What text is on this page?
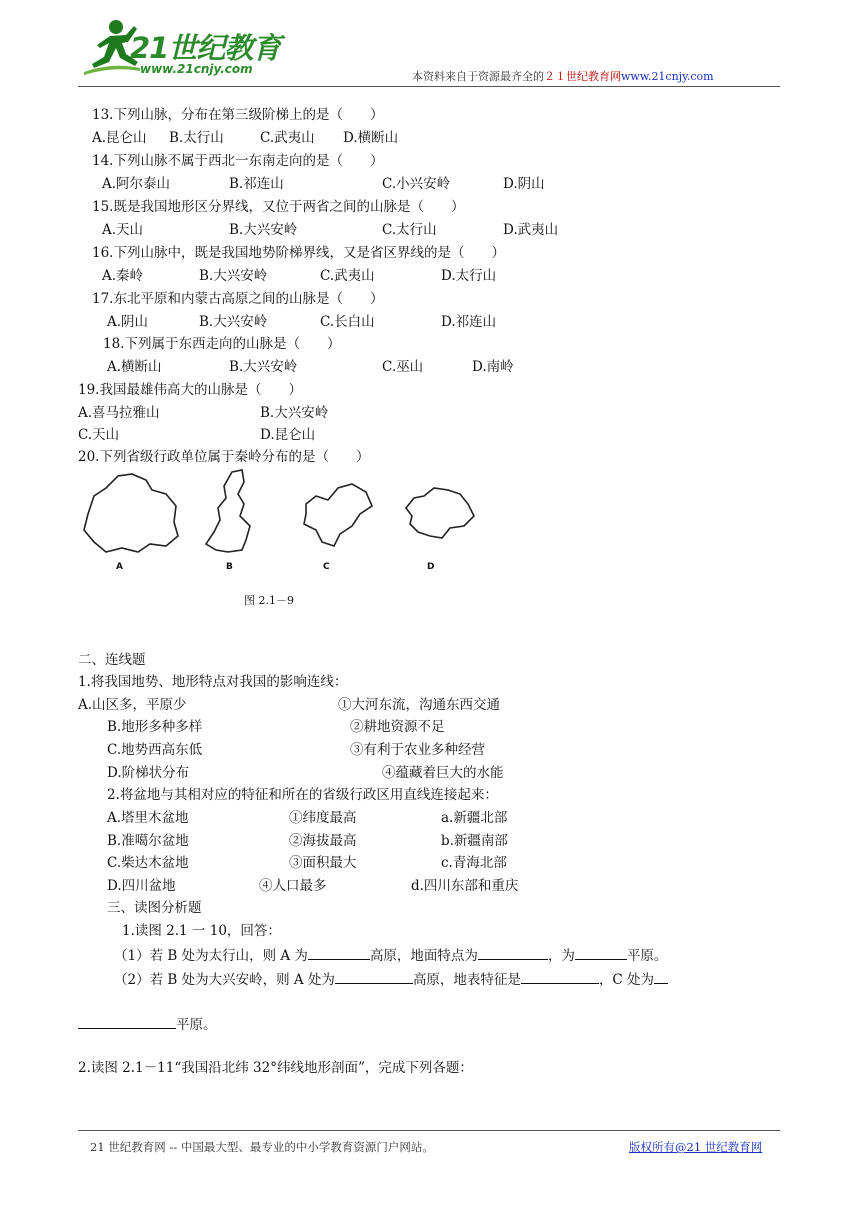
21世纪教育
www.21cnjy.com
本资料来自于资源最齐全的２１世纪教育网www.21cnjy.com
13.下列山脉，分布在第三级阶梯上的是（　　）
A.昆仑山 B.太行山	C.武夷山 D.横断山
14.下列山脉不属于西北一东南走向的是（　　）
A.阿尔泰山	B.祁连山	C.小兴安岭	D.阴山
15.既是我国地形区分界线，又位于两省之间的山脉是（　　）
A.天山	B.大兴安岭	C.太行山	D.武夷山
16.下列山脉中，既是我国地势阶梯界线，又是省区界线的是（　　）
A.秦岭	B.大兴安岭	C.武夷山	D.太行山
17.东北平原和内蒙古高原之间的山脉是（　　）
A.阴山	B.大兴安岭	C.长白山	D.祁连山
18.下列属于东西走向的山脉是（　　）
A.横断山	B.大兴安岭	C.巫山	D.南岭
19.我国最雄伟高大的山脉是（　　）
A.喜马拉雅山	B.大兴安岭
C.天山	D.昆仑山
20.下列省级行政单位属于秦岭分布的是（　　）
A	B	C	D
图 2.1－9
二、连线题
1.将我国地势、地形特点对我国的影响连线：
A.山区多，平原少	①大河东流，沟通东西交通
B.地形多种多样	②耕地资源不足
C.地势西高东低	③有利于农业多种经营
D.阶梯状分布	④蕴藏着巨大的水能
2.将盆地与其相对应的特征和所在的省级行政区用直线连接起来：
A.塔里木盆地	①纬度最高	a.新疆北部
B.准噶尔盆地	②海拔最高	b.新疆南部
C.柴达木盆地	③面积最大	c.青海北部
D.四川盆地	④人口最多	d.四川东部和重庆
三、读图分析题
1.读图 2.1 一 10，回答：
（1）若 B 处为太行山，则 A 为	高原，地面特点为	，为	平原。
（2）若 B 处为大兴安岭，则 A 处为	高原，地表特征是	，C 处为
平原。
2.读图 2.1－11“我国沿北纬 32°纬线地形剖面”，完成下列各题：
21 世纪教育网 -- 中国最大型、最专业的中小学教育资源门户网站。	版权所有@21 世纪教育网
